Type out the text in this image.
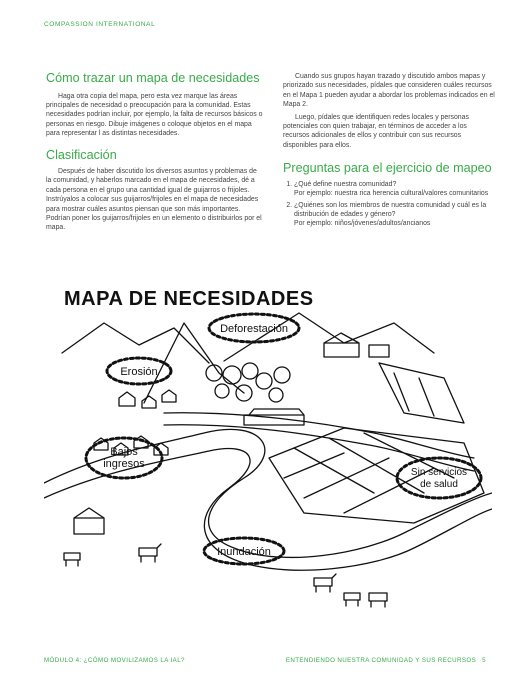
COMPASSION INTERNATIONAL
Cómo trazar un mapa de necesidades

Haga otra copia del mapa, pero esta vez marque las áreas principales de necesidad o preocupación para la comunidad. Estas necesidades podrían incluir, por ejemplo, la falta de recursos básicos o personas en riesgo. Dibuje imágenes o coloque objetos en el mapa para representar l as distintas necesidades.

Clasificación

Después de haber discutido los diversos asuntos y problemas de la comunidad, y haberlos marcado en el mapa de necesidades, dé a cada persona en el grupo una cantidad igual de guijarros o frijoles. Instrúyalos a colocar sus guijarros/frijoles en el mapa de necesidades para mostrar cuáles asuntos piensan que son más importantes. Podrían poner los guijarros/frijoles en un elemento o distribuirlos por el mapa.

Cuando sus grupos hayan trazado y discutido ambos mapas y priorizado sus necesidades, pídales que consideren cuáles recursos en el Mapa 1 pueden ayudar a abordar los problemas indicados en el Mapa 2.

Luego, pídales que identifiquen redes locales y personas potenciales con quien trabajar, en términos de acceder a los recursos adicionales de ellos y contribuir con sus recursos disponibles para ellos.

Preguntas para el ejercicio de mapeo
1. ¿Qué define nuestra comunidad?
Por ejemplo: nuestra rica herencia cultural/valores comunitarios
2. ¿Quiénes son los miembros de nuestra comunidad y cuál es la distribución de edades y género?
Por ejemplo: niños/jóvenes/adultos/ancianos
MAPA DE NECESIDADES
Deforestación
Erosión
Bajos
ingresos
Sin servicios
de salud
Inundación
MÓDULO 4: ¿CÓMO MOVILIZAMOS LA IAL?	ENTENDIENDO NUESTRA COMUNIDAD Y SUS RECURSOS 5
